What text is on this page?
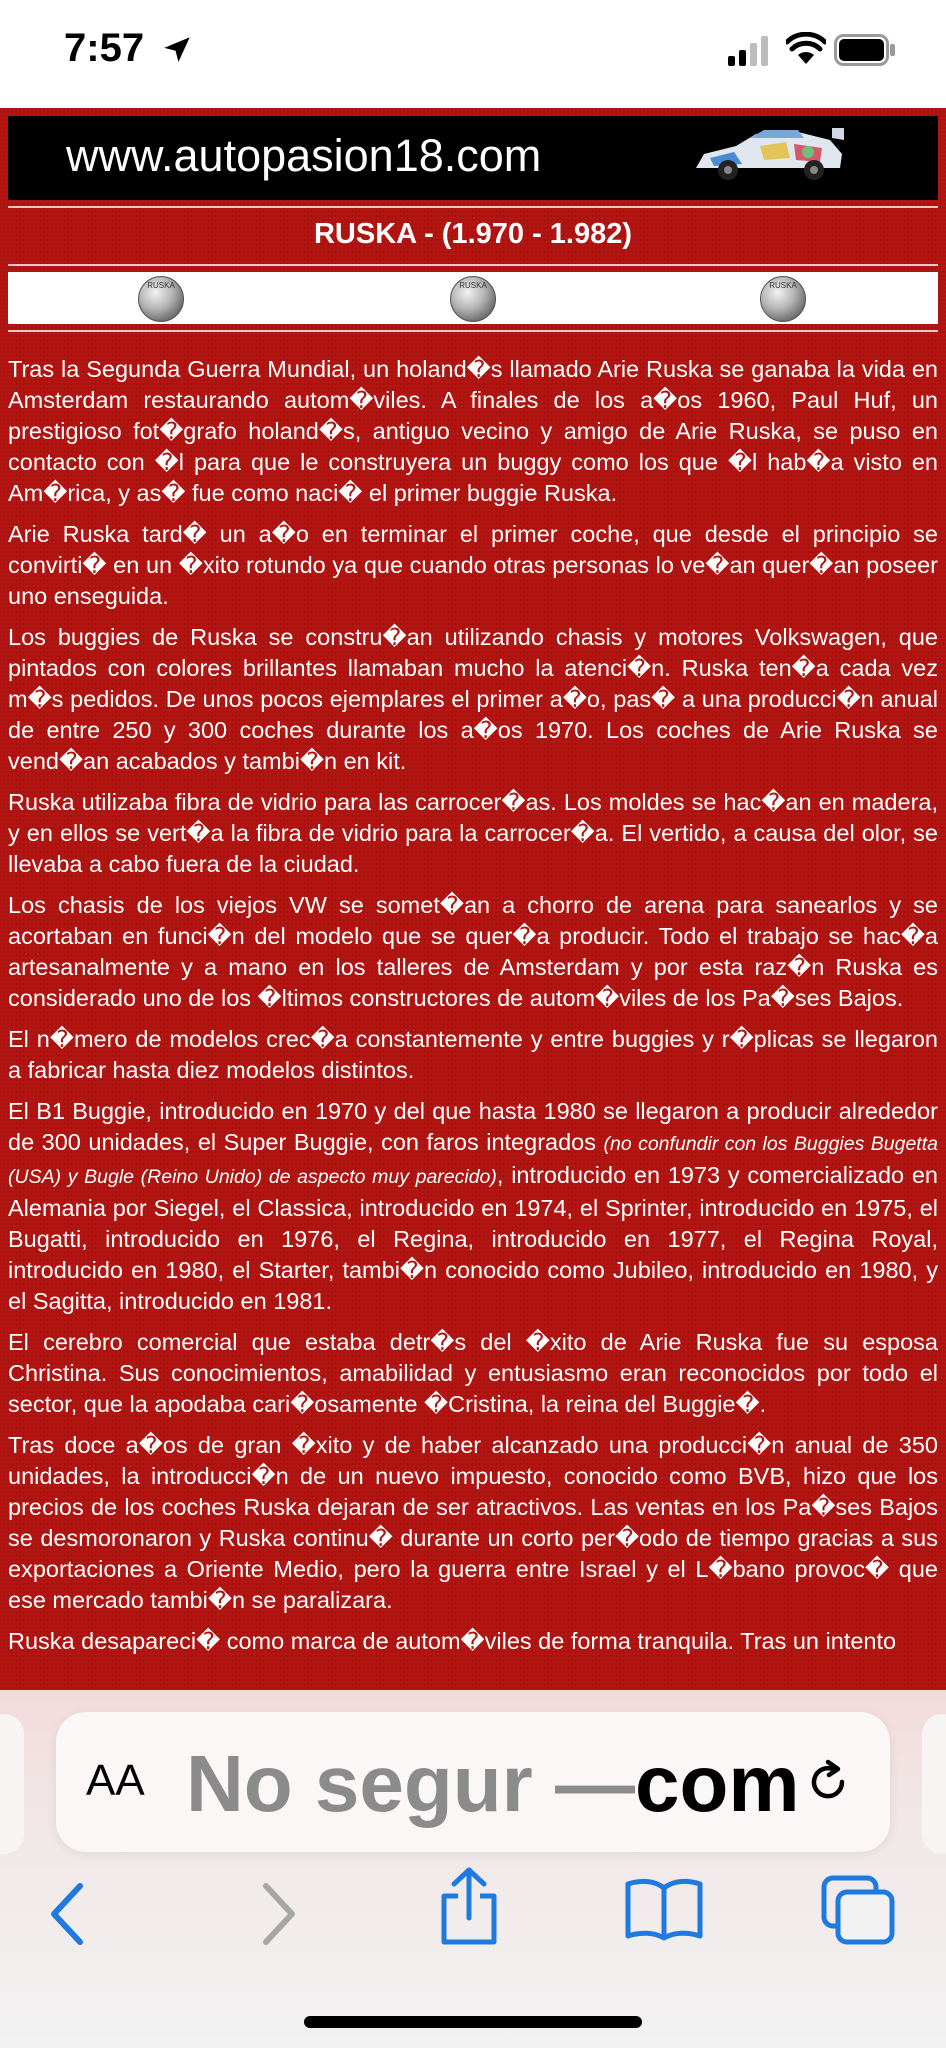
7:57
www.autopasion18.com
RUSKA - (1.970 - 1.982)
RUSKA	RUSKA	RUSKA

Tras la Segunda Guerra Mundial, un holand�s llamado Arie Ruska se ganaba la vida en Amsterdam restaurando autom�viles. A finales de los a�os 1960, Paul Huf, un prestigioso fot�grafo holand�s, antiguo vecino y amigo de Arie Ruska, se puso en contacto con �l para que le construyera un buggy como los que �l hab�a visto en Am�rica, y as� fue como naci� el primer buggie Ruska.

Arie Ruska tard� un a�o en terminar el primer coche, que desde el principio se convirti� en un �xito rotundo ya que cuando otras personas lo ve�an quer�an poseer uno enseguida.

Los buggies de Ruska se constru�an utilizando chasis y motores Volkswagen, que pintados con colores brillantes llamaban mucho la atenci�n. Ruska ten�a cada vez m�s pedidos. De unos pocos ejemplares el primer a�o, pas� a una producci�n anual de entre 250 y 300 coches durante los a�os 1970. Los coches de Arie Ruska se vend�an acabados y tambi�n en kit.

Ruska utilizaba fibra de vidrio para las carrocer�as. Los moldes se hac�an en madera, y en ellos se vert�a la fibra de vidrio para la carrocer�a. El vertido, a causa del olor, se llevaba a cabo fuera de la ciudad.

Los chasis de los viejos VW se somet�an a chorro de arena para sanearlos y se acortaban en funci�n del modelo que se quer�a producir. Todo el trabajo se hac�a artesanalmente y a mano en los talleres de Amsterdam y por esta raz�n Ruska es considerado uno de los �ltimos constructores de autom�viles de los Pa�ses Bajos.

El n�mero de modelos crec�a constantemente y entre buggies y r�plicas se llegaron a fabricar hasta diez modelos distintos.

El B1 Buggie, introducido en 1970 y del que hasta 1980 se llegaron a producir alrededor de 300 unidades, el Super Buggie, con faros integrados (no confundir con los Buggies Bugetta (USA) y Bugle (Reino Unido) de aspecto muy parecido), introducido en 1973 y comercializado en Alemania por Siegel, el Classica, introducido en 1974, el Sprinter, introducido en 1975, el Bugatti, introducido en 1976, el Regina, introducido en 1977, el Regina Royal, introducido en 1980, el Starter, tambi�n conocido como Jubileo, introducido en 1980, y el Sagitta, introducido en 1981.

El cerebro comercial que estaba detr�s del �xito de Arie Ruska fue su esposa Christina. Sus conocimientos, amabilidad y entusiasmo eran reconocidos por todo el sector, que la apodaba cari�osamente �Cristina, la reina del Buggie�.

Tras doce a�os de gran �xito y de haber alcanzado una producci�n anual de 350 unidades, la introducci�n de un nuevo impuesto, conocido como BVB, hizo que los precios de los coches Ruska dejaran de ser atractivos. Las ventas en los Pa�ses Bajos se desmoronaron y Ruska continu� durante un corto per�odo de tiempo gracias a sus exportaciones a Oriente Medio, pero la guerra entre Israel y el L�bano provoc� que ese mercado tambi�n se paralizara.

Ruska desapareci� como marca de autom�viles de forma tranquila. Tras un intento

AA No segur —com
